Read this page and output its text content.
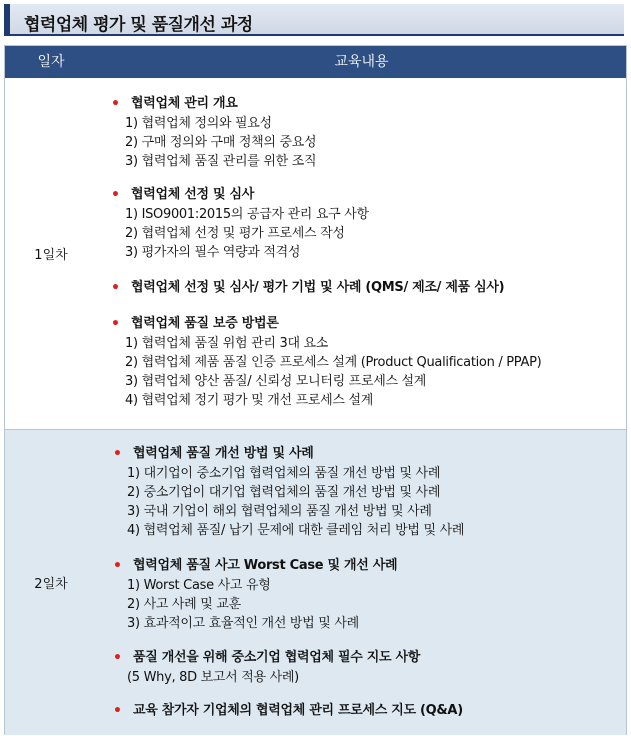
협력업체 평가 및 품질개선 과정
일자	교육내용
1일차
• 협력업체 관리 개요
1) 협력업체 정의와 필요성
2) 구매 정의와 구매 정책의 중요성
3) 협력업체 품질 관리를 위한 조직
• 협력업체 선정 및 심사
1) ISO9001:2015의 공급자 관리 요구 사항
2) 협력업체 선정 및 평가 프로세스 작성
3) 평가자의 필수 역량과 적격성
• 협력업체 선정 및 심사/ 평가 기법 및 사례 (QMS/ 제조/ 제품 심사)
• 협력업체 품질 보증 방법론
1) 협력업체 품질 위험 관리 3대 요소
2) 협력업체 제품 품질 인증 프로세스 설계 (Product Qualification / PPAP)
3) 협력업체 양산 품질/ 신뢰성 모니터링 프로세스 설계
4) 협력업체 정기 평가 및 개선 프로세스 설계
2일차
• 협력업체 품질 개선 방법 및 사례
1) 대기업이 중소기업 협력업체의 품질 개선 방법 및 사례
2) 중소기업이 대기업 협력업체의 품질 개선 방법 및 사례
3) 국내 기업이 해외 협력업체의 품질 개선 방법 및 사례
4) 협력업체 품질/ 납기 문제에 대한 클레임 처리 방법 및 사례
• 협력업체 품질 사고 Worst Case 및 개선 사례
1) Worst Case 사고 유형
2) 사고 사례 및 교훈
3) 효과적이고 효율적인 개선 방법 및 사례
• 품질 개선을 위해 중소기업 협력업체 필수 지도 사항
(5 Why, 8D 보고서 적용 사례)
• 교육 참가자 기업체의 협력업체 관리 프로세스 지도 (Q&A)
